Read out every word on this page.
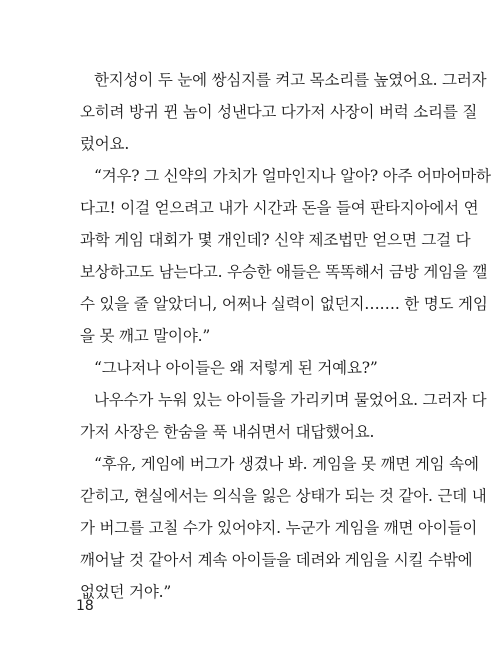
한지성이 두 눈에 쌍심지를 켜고 목소리를 높였어요. 그러자
오히려 방귀 뀐 놈이 성낸다고 다가저 사장이 버럭 소리를 질
렀어요.
“겨우? 그 신약의 가치가 얼마인지나 알아? 아주 어마어마하
다고! 이걸 얻으려고 내가 시간과 돈을 들여 판타지아에서 연
과학 게임 대회가 몇 개인데? 신약 제조법만 얻으면 그걸 다
보상하고도 남는다고. 우승한 애들은 똑똑해서 금방 게임을 깰
수 있을 줄 알았더니, 어쩌나 실력이 없던지……. 한 명도 게임
을 못 깨고 말이야.”
“그나저나 아이들은 왜 저렇게 된 거예요?”
나우수가 누워 있는 아이들을 가리키며 물었어요. 그러자 다
가저 사장은 한숨을 푹 내쉬면서 대답했어요.
“후유, 게임에 버그가 생겼나 봐. 게임을 못 깨면 게임 속에
갇히고, 현실에서는 의식을 잃은 상태가 되는 것 같아. 근데 내
가 버그를 고칠 수가 있어야지. 누군가 게임을 깨면 아이들이
깨어날 것 같아서 계속 아이들을 데려와 게임을 시킬 수밖에
없었던 거야.”
18
